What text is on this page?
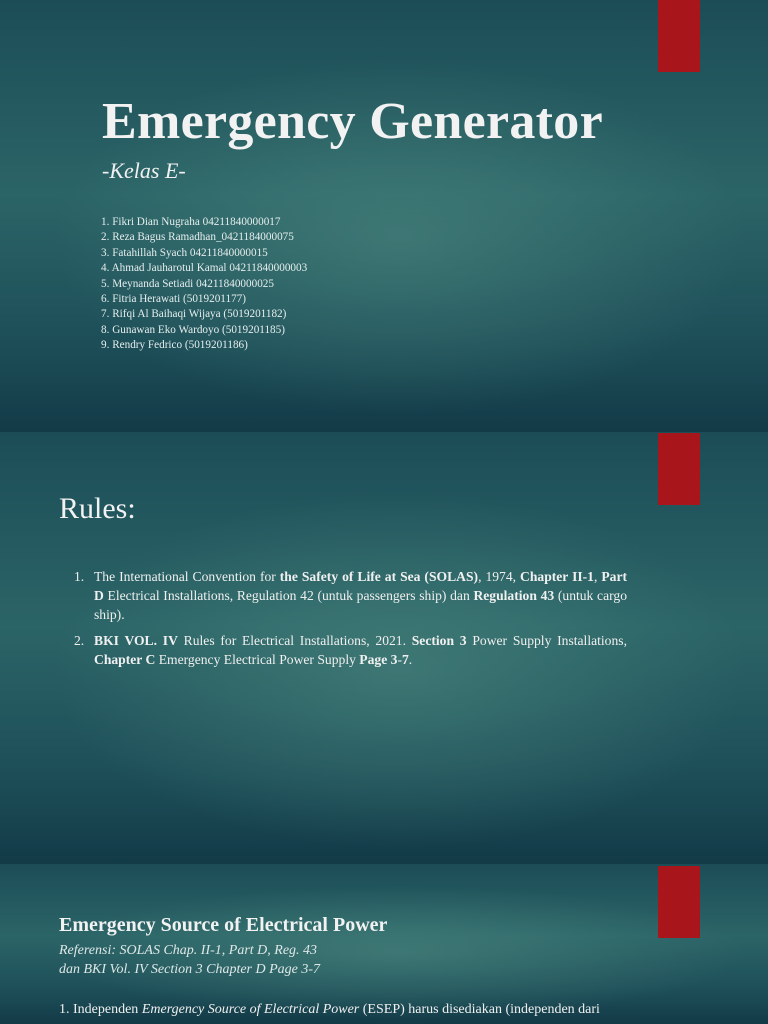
Emergency Generator
-Kelas E-
1. Fikri Dian Nugraha 04211840000017
2. Reza Bagus Ramadhan_0421184000075
3. Fatahillah Syach 04211840000015
4. Ahmad Jauharotul Kamal 04211840000003
5. Meynanda Setiadi 04211840000025
6. Fitria Herawati (5019201177)
7. Rifqi Al Baihaqi Wijaya (5019201182)
8. Gunawan Eko Wardoyo (5019201185)
9. Rendry Fedrico (5019201186)
Rules:
1. The International Convention for the Safety of Life at Sea (SOLAS), 1974, Chapter II-1, Part D Electrical Installations, Regulation 42 (untuk passengers ship) dan Regulation 43 (untuk cargo ship).
2. BKI VOL. IV Rules for Electrical Installations, 2021. Section 3 Power Supply Installations, Chapter C Emergency Electrical Power Supply Page 3-7.
Emergency Source of Electrical Power
Referensi: SOLAS Chap. II-1, Part D, Reg. 43
dan BKI Vol. IV Section 3 Chapter D Page 3-7
1. Independen Emergency Source of Electrical Power (ESEP) harus disediakan (independen dari
